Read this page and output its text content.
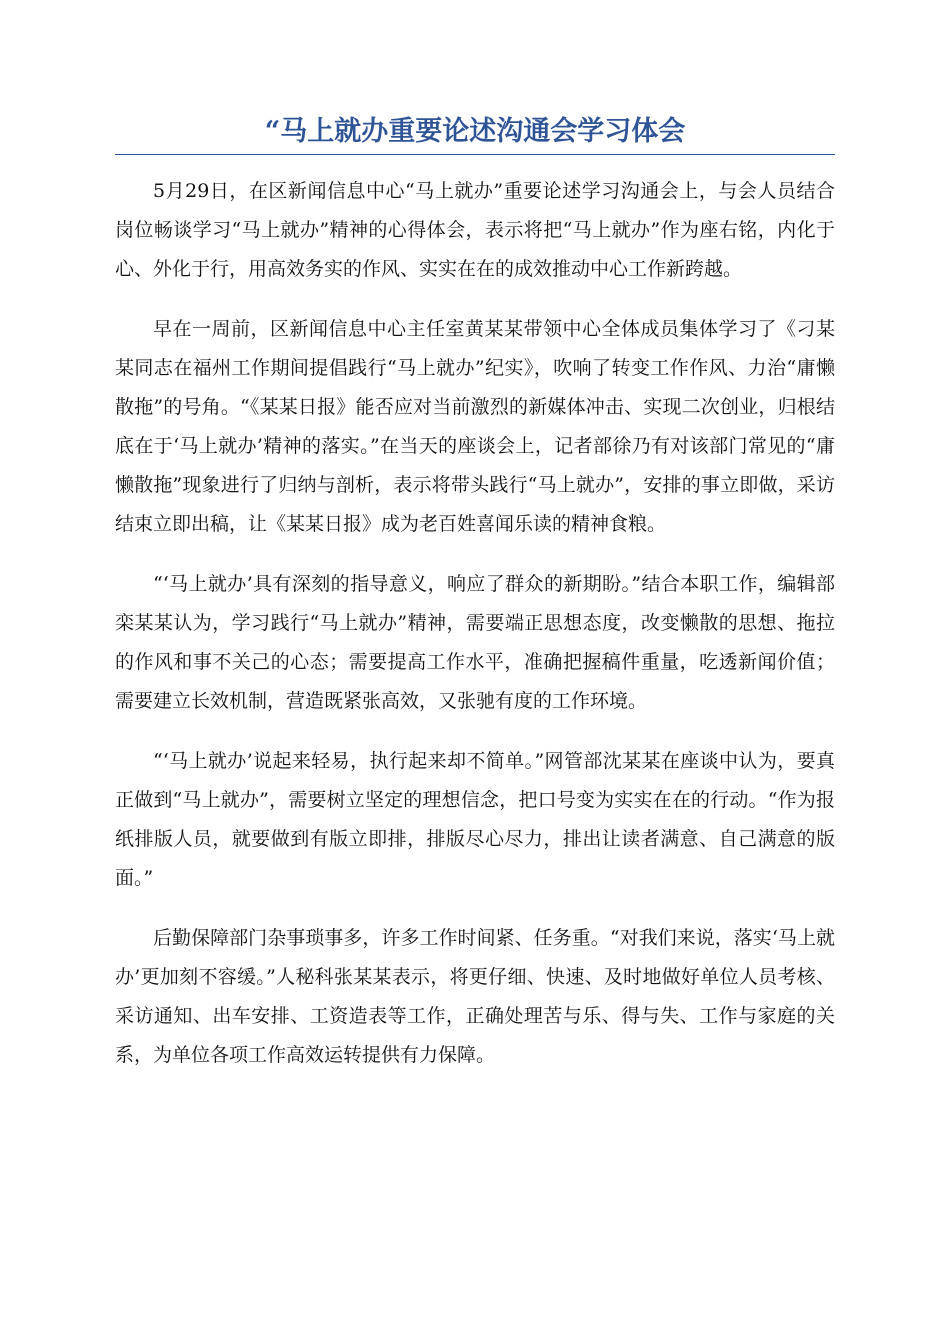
“马上就办重要论述沟通会学习体会

5月29日，在区新闻信息中心“马上就办”重要论述学习沟通会上，与会人员结合岗位畅谈学习“马上就办”精神的心得体会，表示将把“马上就办”作为座右铭，内化于心、外化于行，用高效务实的作风、实实在在的成效推动中心工作新跨越。

早在一周前，区新闻信息中心主任室黄某某带领中心全体成员集体学习了《刁某某同志在福州工作期间提倡践行“马上就办”纪实》，吹响了转变工作作风、力治“庸懒散拖”的号角。“《某某日报》能否应对当前激烈的新媒体冲击、实现二次创业，归根结底在于‘马上就办’精神的落实。”在当天的座谈会上，记者部徐乃有对该部门常见的“庸懒散拖”现象进行了归纳与剖析，表示将带头践行“马上就办”，安排的事立即做，采访结束立即出稿，让《某某日报》成为老百姓喜闻乐读的精神食粮。

“‘马上就办’具有深刻的指导意义，响应了群众的新期盼。”结合本职工作，编辑部栾某某认为，学习践行“马上就办”精神，需要端正思想态度，改变懒散的思想、拖拉的作风和事不关己的心态；需要提高工作水平，准确把握稿件重量，吃透新闻价值；需要建立长效机制，营造既紧张高效，又张驰有度的工作环境。

“‘马上就办’说起来轻易，执行起来却不简单。”网管部沈某某在座谈中认为，要真正做到“马上就办”，需要树立坚定的理想信念，把口号变为实实在在的行动。“作为报纸排版人员，就要做到有版立即排，排版尽心尽力，排出让读者满意、自己满意的版面。”

后勤保障部门杂事琐事多，许多工作时间紧、任务重。“对我们来说，落实‘马上就办’更加刻不容缓。”人秘科张某某表示，将更仔细、快速、及时地做好单位人员考核、采访通知、出车安排、工资造表等工作，正确处理苦与乐、得与失、工作与家庭的关系，为单位各项工作高效运转提供有力保障。
